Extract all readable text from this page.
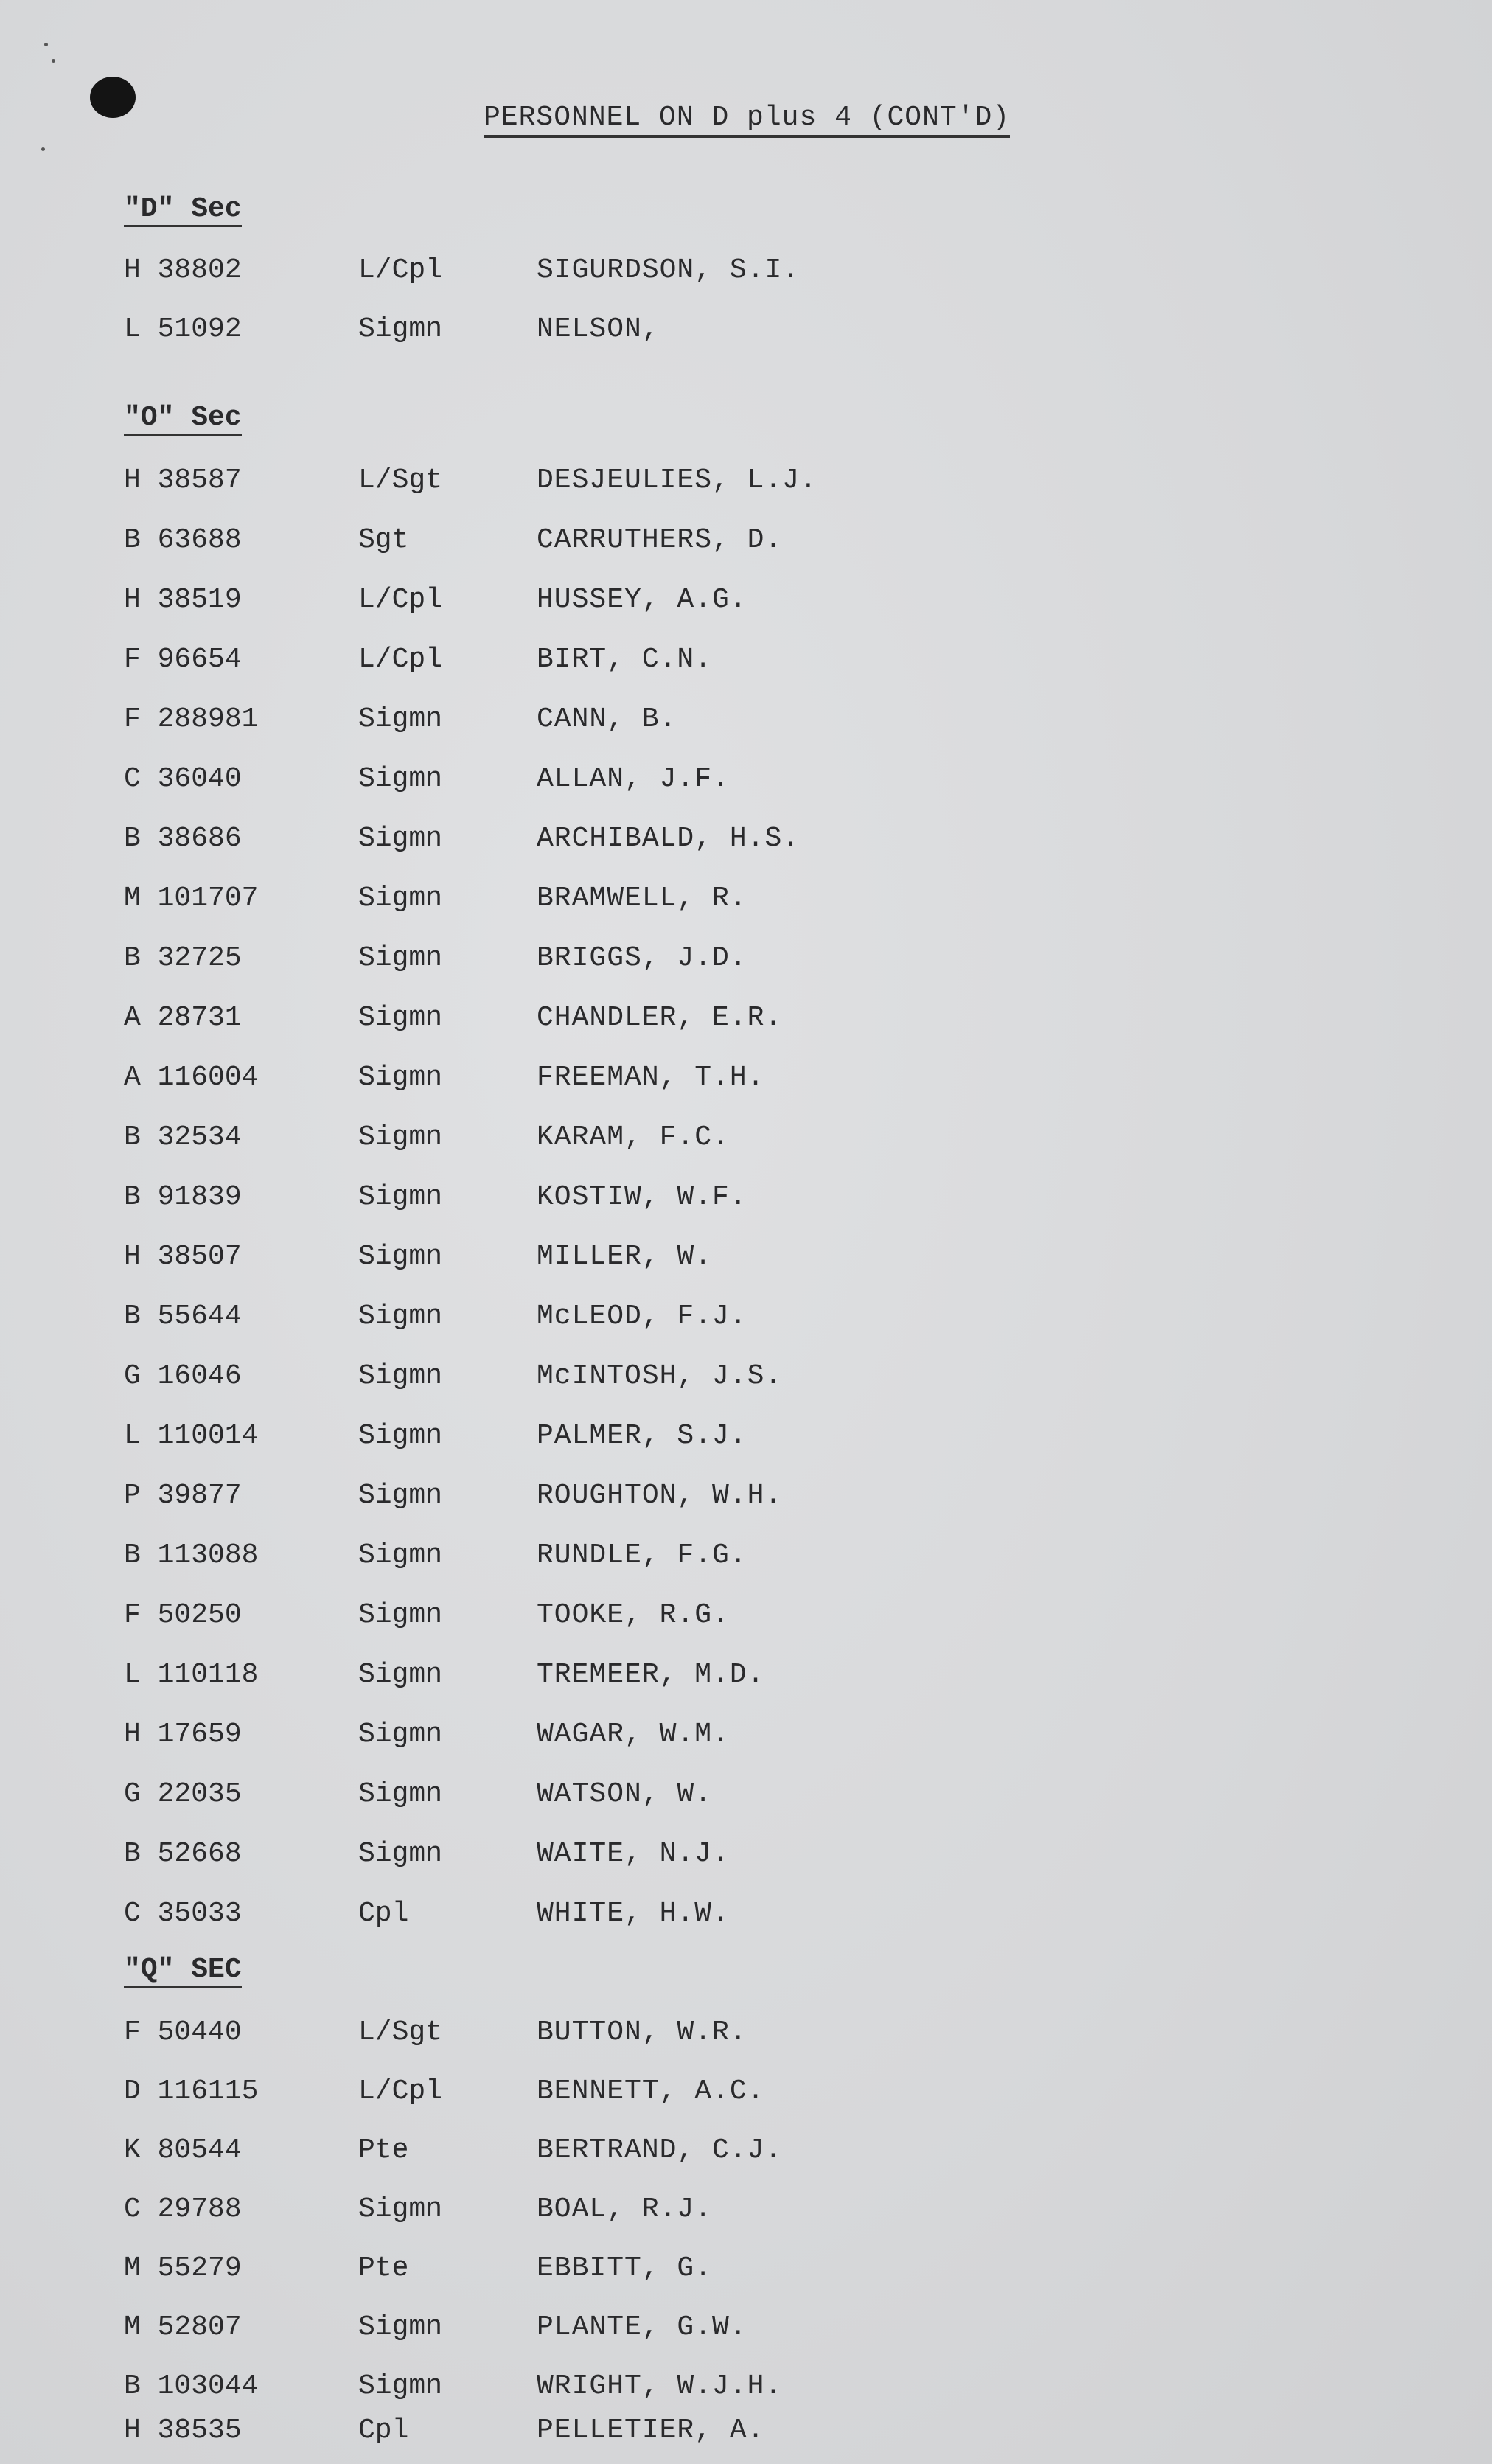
PERSONNEL ON D plus 4 (CONT'D)
"D" Sec
H 38802	L/Cpl	SIGURDSON, S.I.
L 51092	Sigmn	NELSON,
"O" Sec
H 38587	L/Sgt	DESJEULIES, L.J.
B 63688	Sgt	CARRUTHERS, D.
H 38519	L/Cpl	HUSSEY, A.G.
F 96654	L/Cpl	BIRT, C.N.
F 288981	Sigmn	CANN, B.
C 36040	Sigmn	ALLAN, J.F.
B 38686	Sigmn	ARCHIBALD, H.S.
M 101707	Sigmn	BRAMWELL, R.
B 32725	Sigmn	BRIGGS, J.D.
A 28731	Sigmn	CHANDLER, E.R.
A 116004	Sigmn	FREEMAN, T.H.
B 32534	Sigmn	KARAM, F.C.
B 91839	Sigmn	KOSTIW, W.F.
H 38507	Sigmn	MILLER, W.
B 55644	Sigmn	McLEOD, F.J.
G 16046	Sigmn	McINTOSH, J.S.
L 110014	Sigmn	PALMER, S.J.
P 39877	Sigmn	ROUGHTON, W.H.
B 113088	Sigmn	RUNDLE, F.G.
F 50250	Sigmn	TOOKE, R.G.
L 110118	Sigmn	TREMEER, M.D.
H 17659	Sigmn	WAGAR, W.M.
G 22035	Sigmn	WATSON, W.
B 52668	Sigmn	WAITE, N.J.
C 35033	Cpl	WHITE, H.W.
"Q" SEC
F 50440	L/Sgt	BUTTON, W.R.
D 116115	L/Cpl	BENNETT, A.C.
K 80544	Pte	BERTRAND, C.J.
C 29788	Sigmn	BOAL, R.J.
M 55279	Pte	EBBITT, G.
M 52807	Sigmn	PLANTE, G.W.
B 103044	Sigmn	WRIGHT, W.J.H.
H 38535	Cpl	PELLETIER, A.
